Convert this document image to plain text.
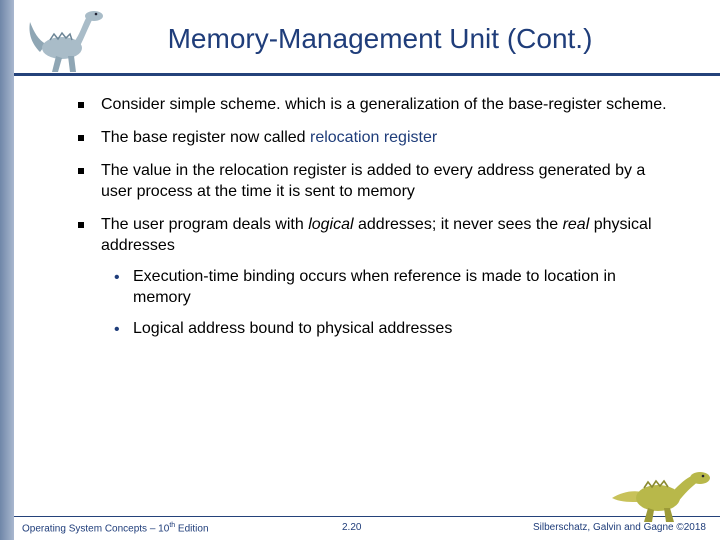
Memory-Management Unit (Cont.)
Consider simple scheme. which is a generalization of the base-register scheme.
The base register now called relocation register
The value in the relocation register is added to every address generated by a user process at the time it is sent to memory
The user program deals with logical addresses; it never sees the real physical addresses
• Execution-time binding occurs when reference is made to location in memory
• Logical address bound to physical addresses
Operating System Concepts – 10th Edition	2.20	Silberschatz, Galvin and Gagne ©2018
